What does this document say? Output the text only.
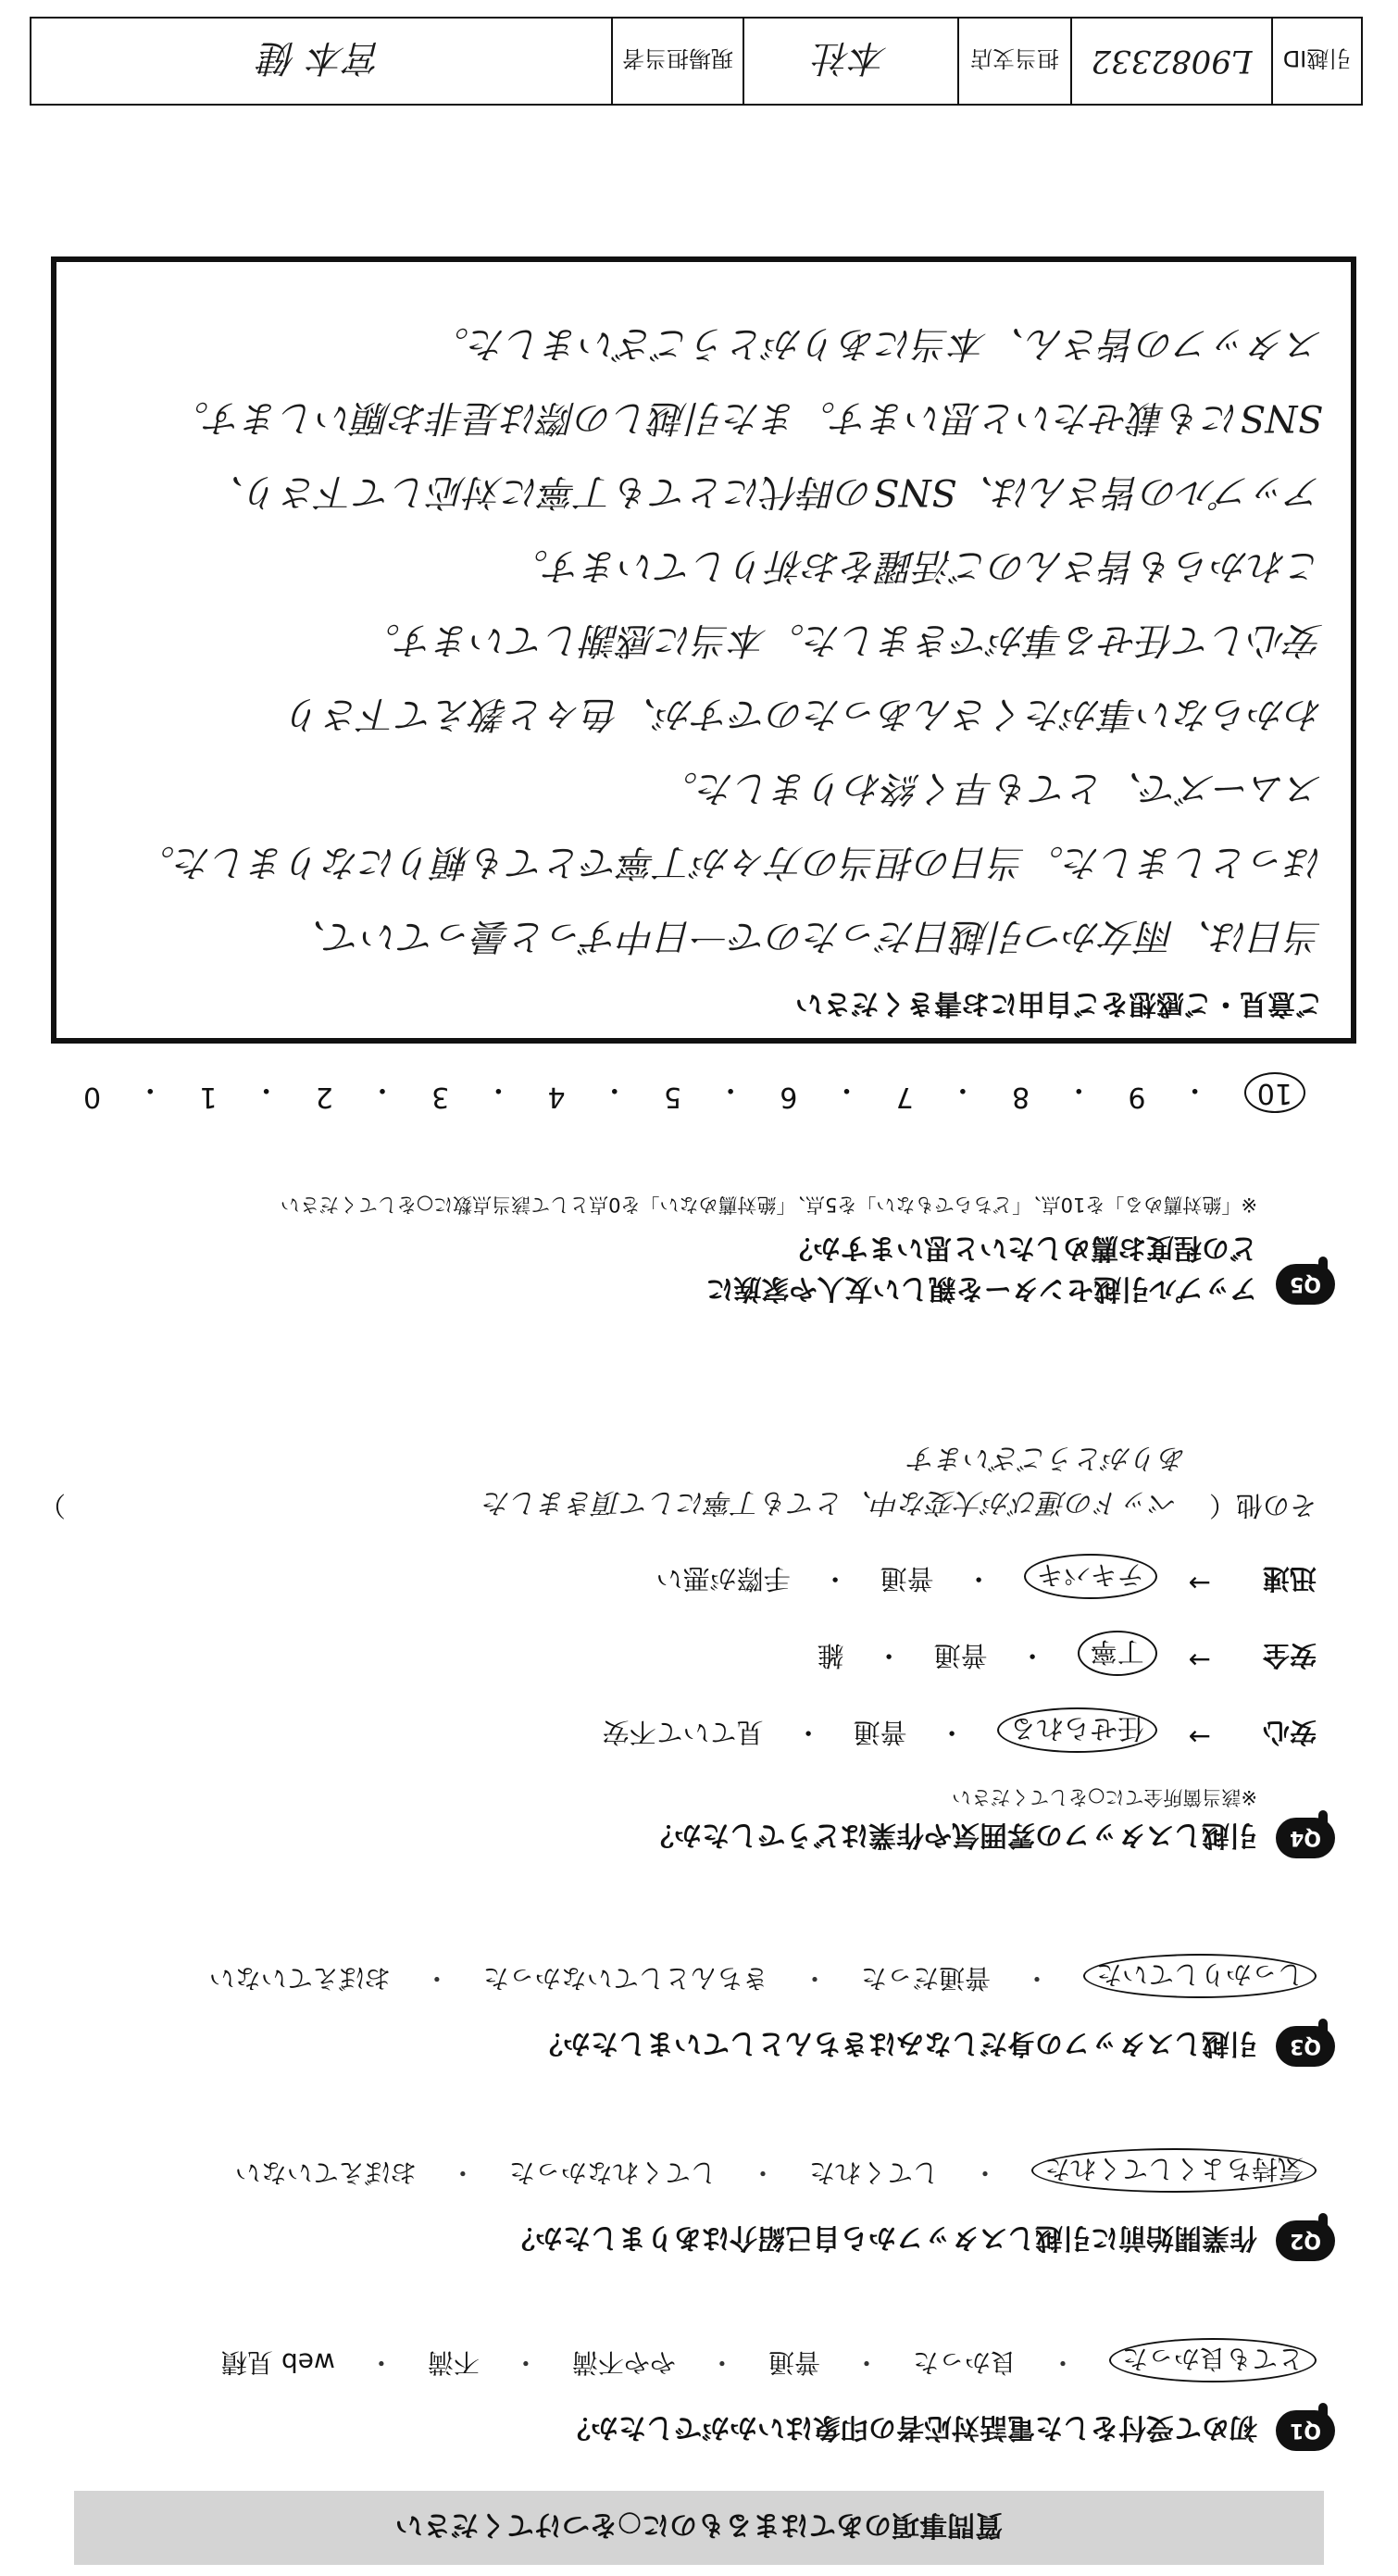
質問事項のあてはまるものに○をつけてください
Q1
初めて受付をした電話対応者の印象はいかがでしたか？
とても良かった
・
良かった
・
普通
・
やや不満
・
不満
・
web 見積
Q2
作業開始前に引越しスタッフから自己紹介はありましたか？
気持ちよくしてくれた
・
してくれた
・
してくれなかった
・
おぼえていない
Q3
引越しスタッフの身だしなみはきちんとしていましたか？
しっかりしていた
・
普通だった
・
きちんとしていなかった
・
おぼえていない
Q4
引越しスタッフの雰囲気や作業はどうでしたか？
※該当箇所全てに○をしてください
安心
→
任せられる
・
普通
・
見ていて不安
安全
→
丁寧
・
普通
・
雑
迅速
→
テキパキ
・
普通
・
手際が悪い
その他（
ベッドの運びが大変な中、とても丁寧にして頂きました
）
ありがとうございます
Q5
アップル引越センターを親しい友人や家族に
どの程度お薦めしたいと思いますか？
※「絶対薦める」を10点、「どちらでもない」を5点、「絶対薦めない」を0点として該当点数に○をしてください
10
・
9
・
8
・
7
・
6
・
5
・
4
・
3
・
2
・
1
・
0
ご意見・ご感想をご自由にお書きください
当日は、雨女かつ引越日だったので一日中ずっと曇っていて、
ほっとしました。当日の担当の方々が丁寧でとても頼りになりました。
スムーズで、とても早く終わりました。
わからない事がたくさんあったのですが、色々と教えて下さり
安心して任せる事ができました。本当に感謝しています。
これからも皆さんのご活躍をお祈りしています。
アップルの皆さんは、SNSの時代にとても丁寧に対応して下さり、
SNSにも載せたいと思います。また引越しの際は是非お願いします。
スタッフの皆さん、本当にありがとうございました。
引越ID
L9082332
担当支店
本社
現場担当者
宮本 健
